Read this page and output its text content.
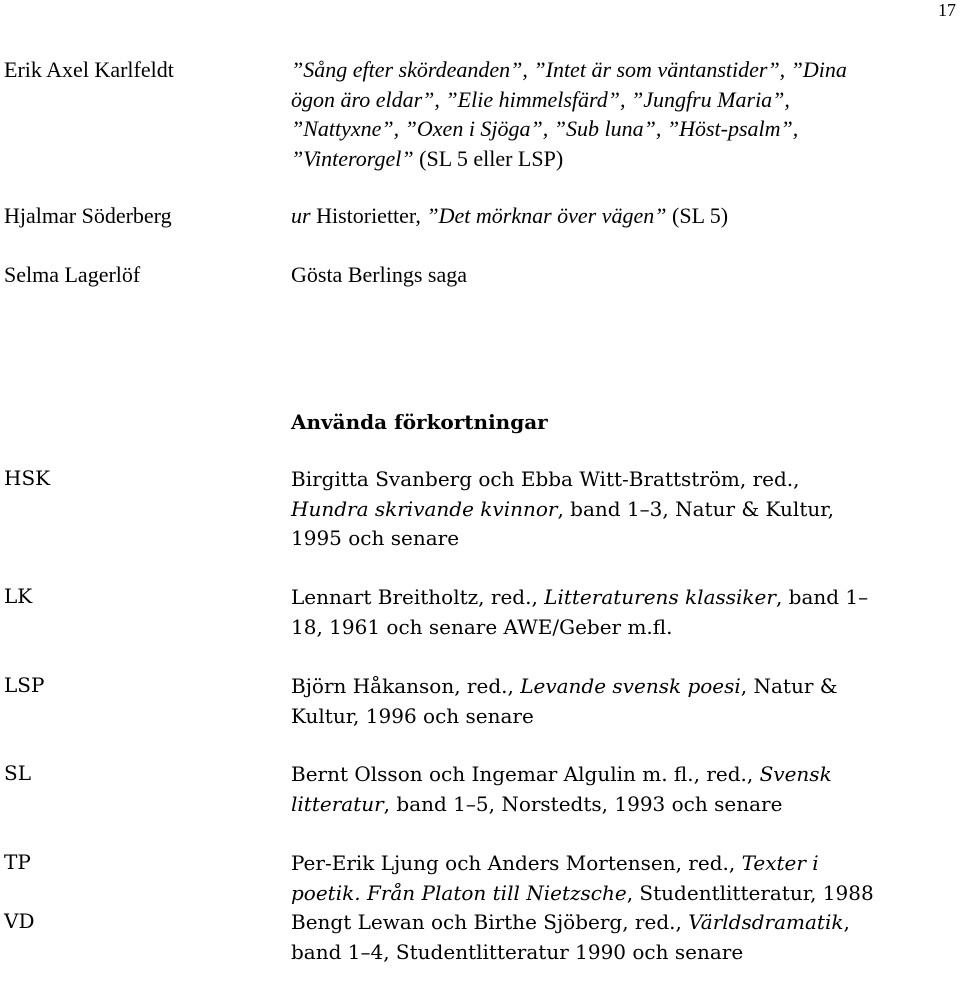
17
Erik Axel Karlfeldt	”Sång efter skördeanden”, ”Intet är som väntanstider”, ”Dina ögon äro eldar”, ”Elie himmelsfärd”, ”Jungfru Maria”, ”Nattyxne”, ”Oxen i Sjöga”, ”Sub luna”, ”Höst-psalm”, ”Vinterorgel” (SL 5 eller LSP)
Hjalmar Söderberg	ur Historietter, ”Det mörknar över vägen” (SL 5)
Selma Lagerlöf	Gösta Berlings saga
Använda förkortningar
HSK	Birgitta Svanberg och Ebba Witt-Brattström, red., Hundra skrivande kvinnor, band 1–3, Natur & Kultur, 1995 och senare
LK	Lennart Breitholtz, red., Litteraturens klassiker, band 1–18, 1961 och senare AWE/Geber m.fl.
LSP	Björn Håkanson, red., Levande svensk poesi, Natur & Kultur, 1996 och senare
SL	Bernt Olsson och Ingemar Algulin m. fl., red., Svensk litteratur, band 1–5, Norstedts, 1993 och senare
TP	Per-Erik Ljung och Anders Mortensen, red., Texter i poetik. Från Platon till Nietzsche, Studentlitteratur, 1988
VD	Bengt Lewan och Birthe Sjöberg, red., Världsdramatik, band 1–4, Studentlitteratur 1990 och senare
